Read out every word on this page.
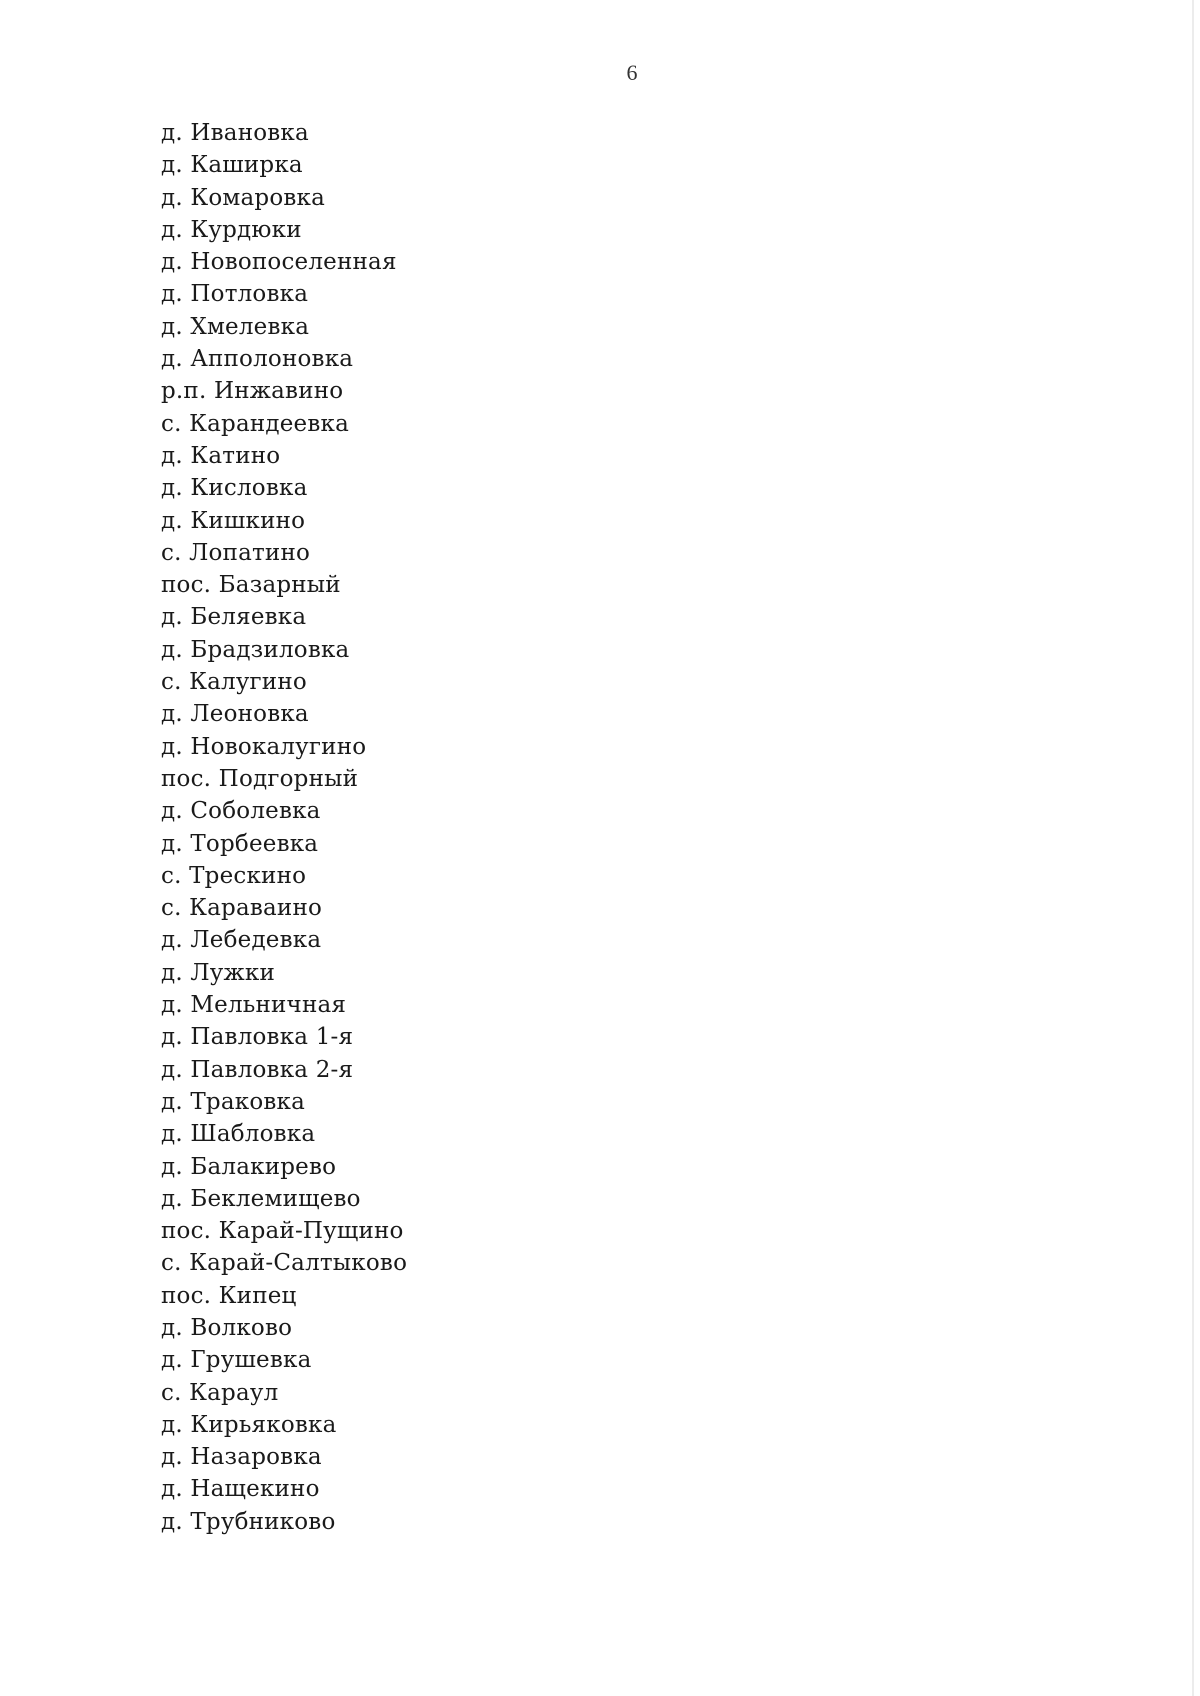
6
д. Ивановка
д. Каширка
д. Комаровка
д. Курдюки
д. Новопоселенная
д. Потловка
д. Хмелевка
д. Апполоновка
р.п. Инжавино
с. Карандеевка
д. Катино
д. Кисловка
д. Кишкино
с. Лопатино
пос. Базарный
д. Беляевка
д. Брадзиловка
с. Калугино
д. Леоновка
д. Новокалугино
пос. Подгорный
д. Соболевка
д. Торбеевка
с. Трескино
с. Караваино
д. Лебедевка
д. Лужки
д. Мельничная
д. Павловка 1-я
д. Павловка 2-я
д. Траковка
д. Шабловка
д. Балакирево
д. Беклемищево
пос. Карай-Пущино
с. Карай-Салтыково
пос. Кипец
д. Волково
д. Грушевка
с. Караул
д. Кирьяковка
д. Назаровка
д. Нащекино
д. Трубниково
